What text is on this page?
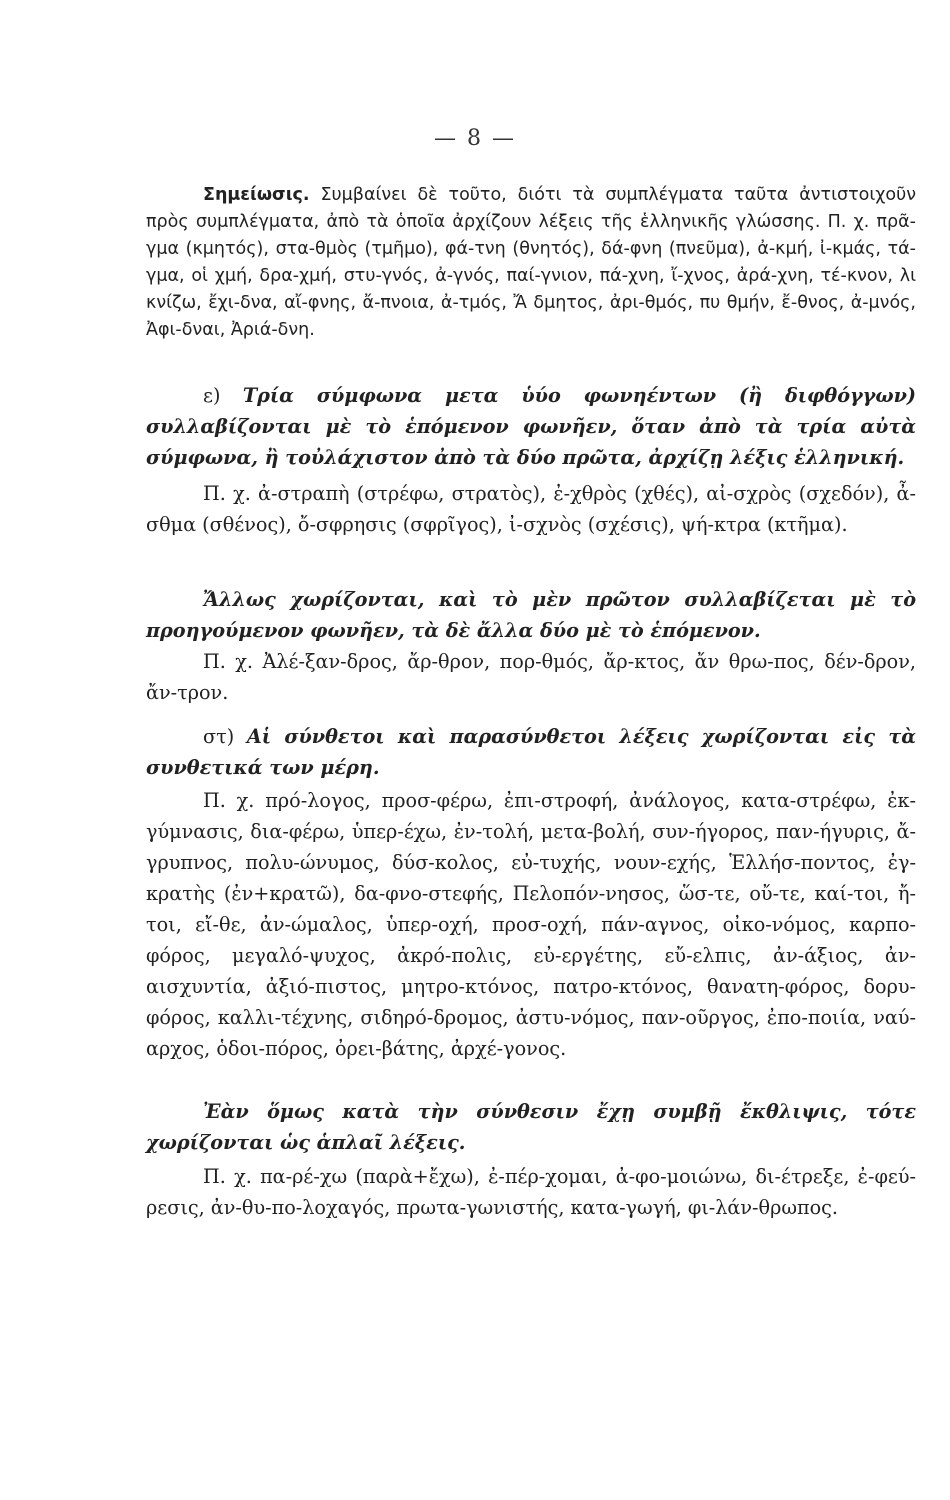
— 8 —

Σημείωσις. Συμβαίνει δὲ τοῦτο, διότι τὰ συμπλέγματα ταῦτα ἀντιστοιχοῦν πρὸς συμπλέγματα, ἀπὸ τὰ ὁποῖα ἀρχίζουν λέξεις τῆς ἑλληνικῆς γλώσσης. Π. χ. πρᾶ-γμα (κμητός), στα-θμὸς (τμῆμο), φά-τνη (θνητός), δά-φνη (πνεῦμα), ἀ-κμή, ἰ-κμάς, τά-γμα, οἱ χμή, δρα-χμή, στυ-γνός, ἀ-γνός, παί-γνιον, πά-χνη, ἴ-χνος, ἀρά-χνη, τέ-κνον, λι κνίζω, ἔχι-δνα, αἴ-φνης, ἄ-πνοια, ἀ-τμός, Ἄ δμητος, ἀρι-θμός, πυ θμήν, ἔ-θνος, ἀ-μνός, Ἀφι-δναι, Ἀριά-δνη.

ε) Τρία σύμφωνα μετα ὑύο φωνηέντων (ἢ διφθόγγων) συλλαβίζονται μὲ τὸ ἑπόμενον φωνῆεν, ὅταν ἀπὸ τὰ τρία αὐτὰ σύμφωνα, ἢ τοὐλάχιστον ἀπὸ τὰ δύο πρῶτα, ἀρχίζῃ λέξις ἑλληνική.

Π. χ. ἀ-στραπὴ (στρέφω, στρατὸς), ἐ-χθρὸς (χθές), αἰ-σχρὸς (σχεδόν), ἆ-σθμα (σθένος), ὄ-σφρησις (σφρῖγος), ἰ-σχνὸς (σχέσις), ψή-κτρα (κτῆμα).

Ἄλλως χωρίζονται, καὶ τὸ μὲν πρῶτον συλλαβίζεται μὲ τὸ προηγούμενον φωνῆεν, τὰ δὲ ἄλλα δύο μὲ τὸ ἑπόμενον.

Π. χ. Ἀλέ-ξαν-δρος, ἄρ-θρον, πορ-θμός, ἄρ-κτος, ἄν θρω-πος, δέν-δρον, ἄν-τρον.

στ) Αἱ σύνθετοι καὶ παρασύνθετοι λέξεις χωρίζονται εἰς τὰ συνθετικά των μέρη.

Π. χ. πρό-λογος, προσ-φέρω, ἐπι-στροφή, ἀνάλογος, κατα-στρέφω, ἐκ-γύμνασις, δια-φέρω, ὑπερ-έχω, ἐν-τολή, μετα-βολή, συν-ήγορος, παν-ήγυρις, ἄ-γρυπνος, πολυ-ώνυμος, δύσ-κολος, εὐ-τυχής, νουν-εχής, Ἑλλήσ-ποντος, ἐγ-κρατὴς (ἐν+κρατῶ), δα-φνο-στεφής, Πελοπόν-νησος, ὥσ-τε, οὔ-τε, καί-τοι, ἤ-τοι, εἴ-θε, ἀν-ώμαλος, ὑπερ-οχή, προσ-οχή, πάν-αγνος, οἰκο-νόμος, καρπο-φόρος, μεγαλό-ψυχος, ἀκρό-πολις, εὐ-εργέτης, εὔ-ελπις, ἀν-άξιος, ἀν-αισχυντία, ἀξιό-πιστος, μητρο-κτόνος, πατρο-κτόνος, θανατη-φόρος, δορυ-φόρος, καλλι-τέχνης, σιδηρό-δρομος, ἀστυ-νόμος, παν-οῦργος, ἐπο-ποιία, ναύ-αρχος, ὁδοι-πόρος, ὀρει-βάτης, ἀρχέ-γονος.

Ἐὰν ὅμως κατὰ τὴν σύνθεσιν ἔχῃ συμβῇ ἔκθλιψις, τότε χωρίζονται ὡς ἁπλαῖ λέξεις.

Π. χ. πα-ρέ-χω (παρὰ+ἔχω), ἐ-πέρ-χομαι, ἀ-φο-μοιώνω, δι-έτρεξε, ἐ-φεύ-ρεσις, ἀν-θυ-πο-λοχαγός, πρωτα-γωνιστής, κατα-γωγή, φι-λάν-θρωπος.
